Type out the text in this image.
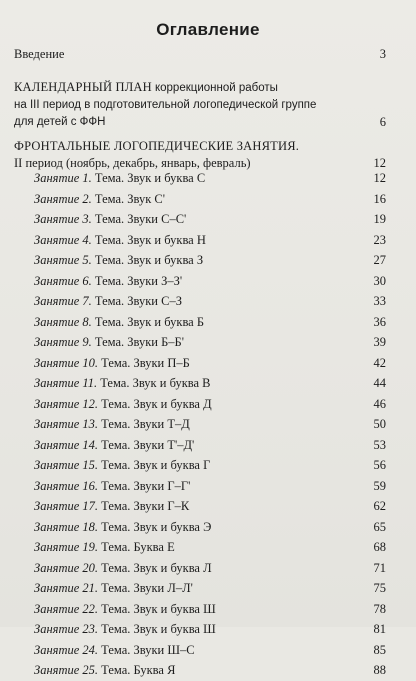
Оглавление
Введение	3
КАЛЕНДАРНЫЙ ПЛАН
коррекционной работы
на III период в подготовительной логопедической группе
для детей с ФФН	6
ФРОНТАЛЬНЫЕ ЛОГОПЕДИЧЕСКИЕ ЗАНЯТИЯ.
II период (ноябрь, декабрь, январь, февраль)	12
Занятие 1. Тема. Звук и буква С	12
Занятие 2. Тема. Звук С'	16
Занятие 3. Тема. Звуки С–С'	19
Занятие 4. Тема. Звук и буква Н	23
Занятие 5. Тема. Звук и буква З	27
Занятие 6. Тема. Звуки З–З'	30
Занятие 7. Тема. Звуки С–З	33
Занятие 8. Тема. Звук и буква Б	36
Занятие 9. Тема. Звуки Б–Б'	39
Занятие 10. Тема. Звуки П–Б	42
Занятие 11. Тема. Звук и буква В	44
Занятие 12. Тема. Звук и буква Д	46
Занятие 13. Тема. Звуки Т–Д	50
Занятие 14. Тема. Звуки Т'–Д'	53
Занятие 15. Тема. Звук и буква Г	56
Занятие 16. Тема. Звуки Г–Г'	59
Занятие 17. Тема. Звуки Г–К	62
Занятие 18. Тема. Звук и буква Э	65
Занятие 19. Тема. Буква Е	68
Занятие 20. Тема. Звук и буква Л	71
Занятие 21. Тема. Звуки Л–Л'	75
Занятие 22. Тема. Звук и буква Ш	78
Занятие 23. Тема. Звук и буква Ш	81
Занятие 24. Тема. Звуки Ш–С	85
Занятие 25. Тема. Буква Я	88
